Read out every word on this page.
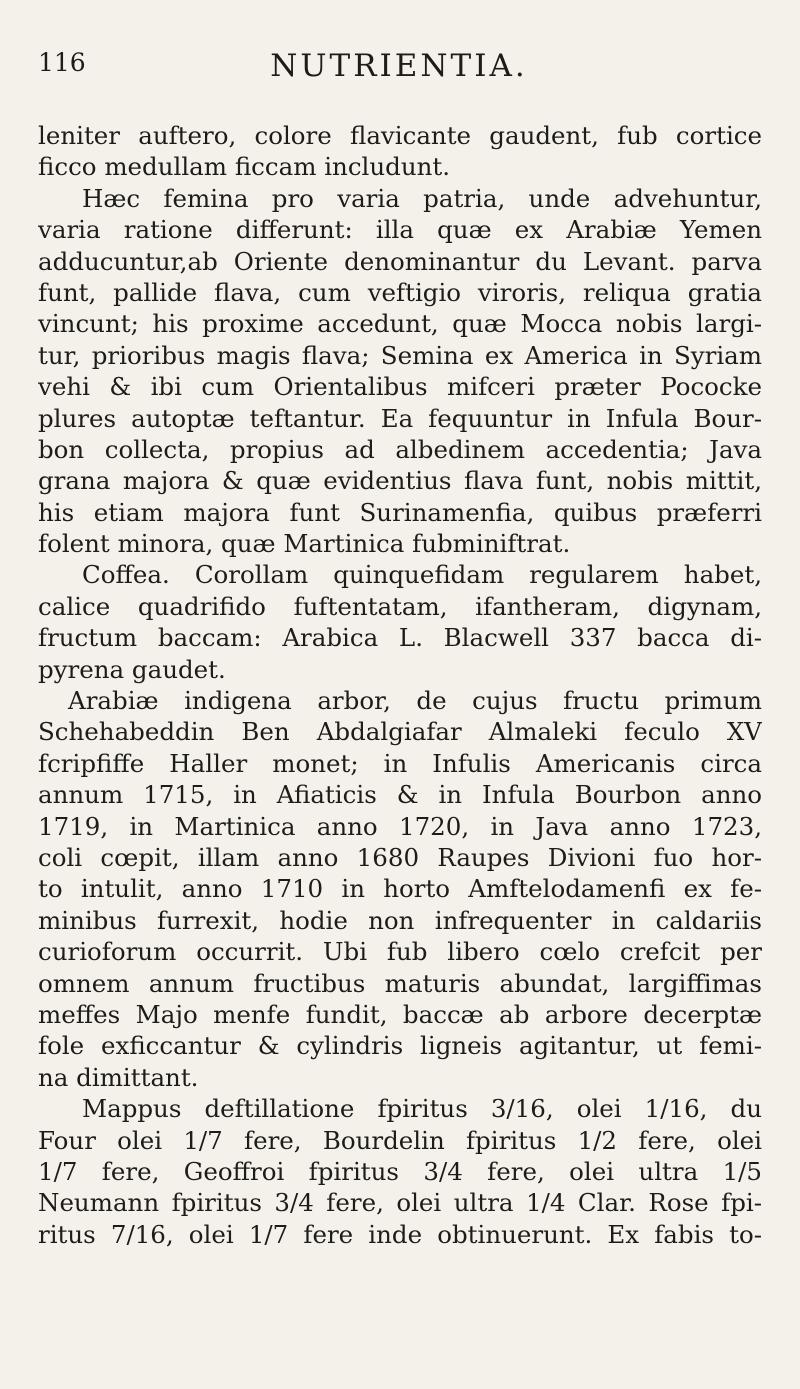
116	NUTRIENTIA.
leniter auftero, colore flavicante gaudent, fub cortice
ficco medullam ficcam includunt.
Hæc femina pro varia patria, unde advehuntur,
varia ratione differunt: illa quæ ex Arabiæ Yemen
adducuntur,ab Oriente denominantur du Levant. parva
funt, pallide flava, cum veftigio viroris, reliqua gratia
vincunt; his proxime accedunt, quæ Mocca nobis largi-
tur, prioribus magis flava; Semina ex America in Syriam
vehi & ibi cum Orientalibus mifceri præter Pococke
plures autoptæ teftantur. Ea fequuntur in Infula Bour-
bon collecta, propius ad albedinem accedentia; Java
grana majora & quæ evidentius flava funt, nobis mittit,
his etiam majora funt Surinamenfia, quibus præferri
folent minora, quæ Martinica fubminiftrat.
Coffea. Corollam quinquefidam regularem habet,
calice quadrifido fuftentatam, ifantheram, digynam,
fructum baccam: Arabica L. Blacwell 337 bacca di-
pyrena gaudet.
Arabiæ indigena arbor, de cujus fructu primum
Schehabeddin Ben Abdalgiafar Almaleki feculo XV
fcripfiffe Haller monet; in Infulis Americanis circa
annum 1715, in Afiaticis & in Infula Bourbon anno
1719, in Martinica anno 1720, in Java anno 1723,
coli cœpit, illam anno 1680 Raupes Divioni fuo hor-
to intulit, anno 1710 in horto Amftelodamenfi ex fe-
minibus furrexit, hodie non infrequenter in caldariis
curioforum occurrit. Ubi fub libero cœlo crefcit per
omnem annum fructibus maturis abundat, largiffimas
meffes Majo menfe fundit, baccæ ab arbore decerptæ
fole exficcantur & cylindris ligneis agitantur, ut femi-
na dimittant.
Mappus deftillatione fpiritus 3/16, olei 1/16, du
Four olei 1/7 fere, Bourdelin fpiritus 1/2 fere, olei
1/7 fere, Geoffroi fpiritus 3/4 fere, olei ultra 1/5
Neumann fpiritus 3/4 fere, olei ultra 1/4 Clar. Rose fpi-
ritus 7/16, olei 1/7 fere inde obtinuerunt. Ex fabis to-
